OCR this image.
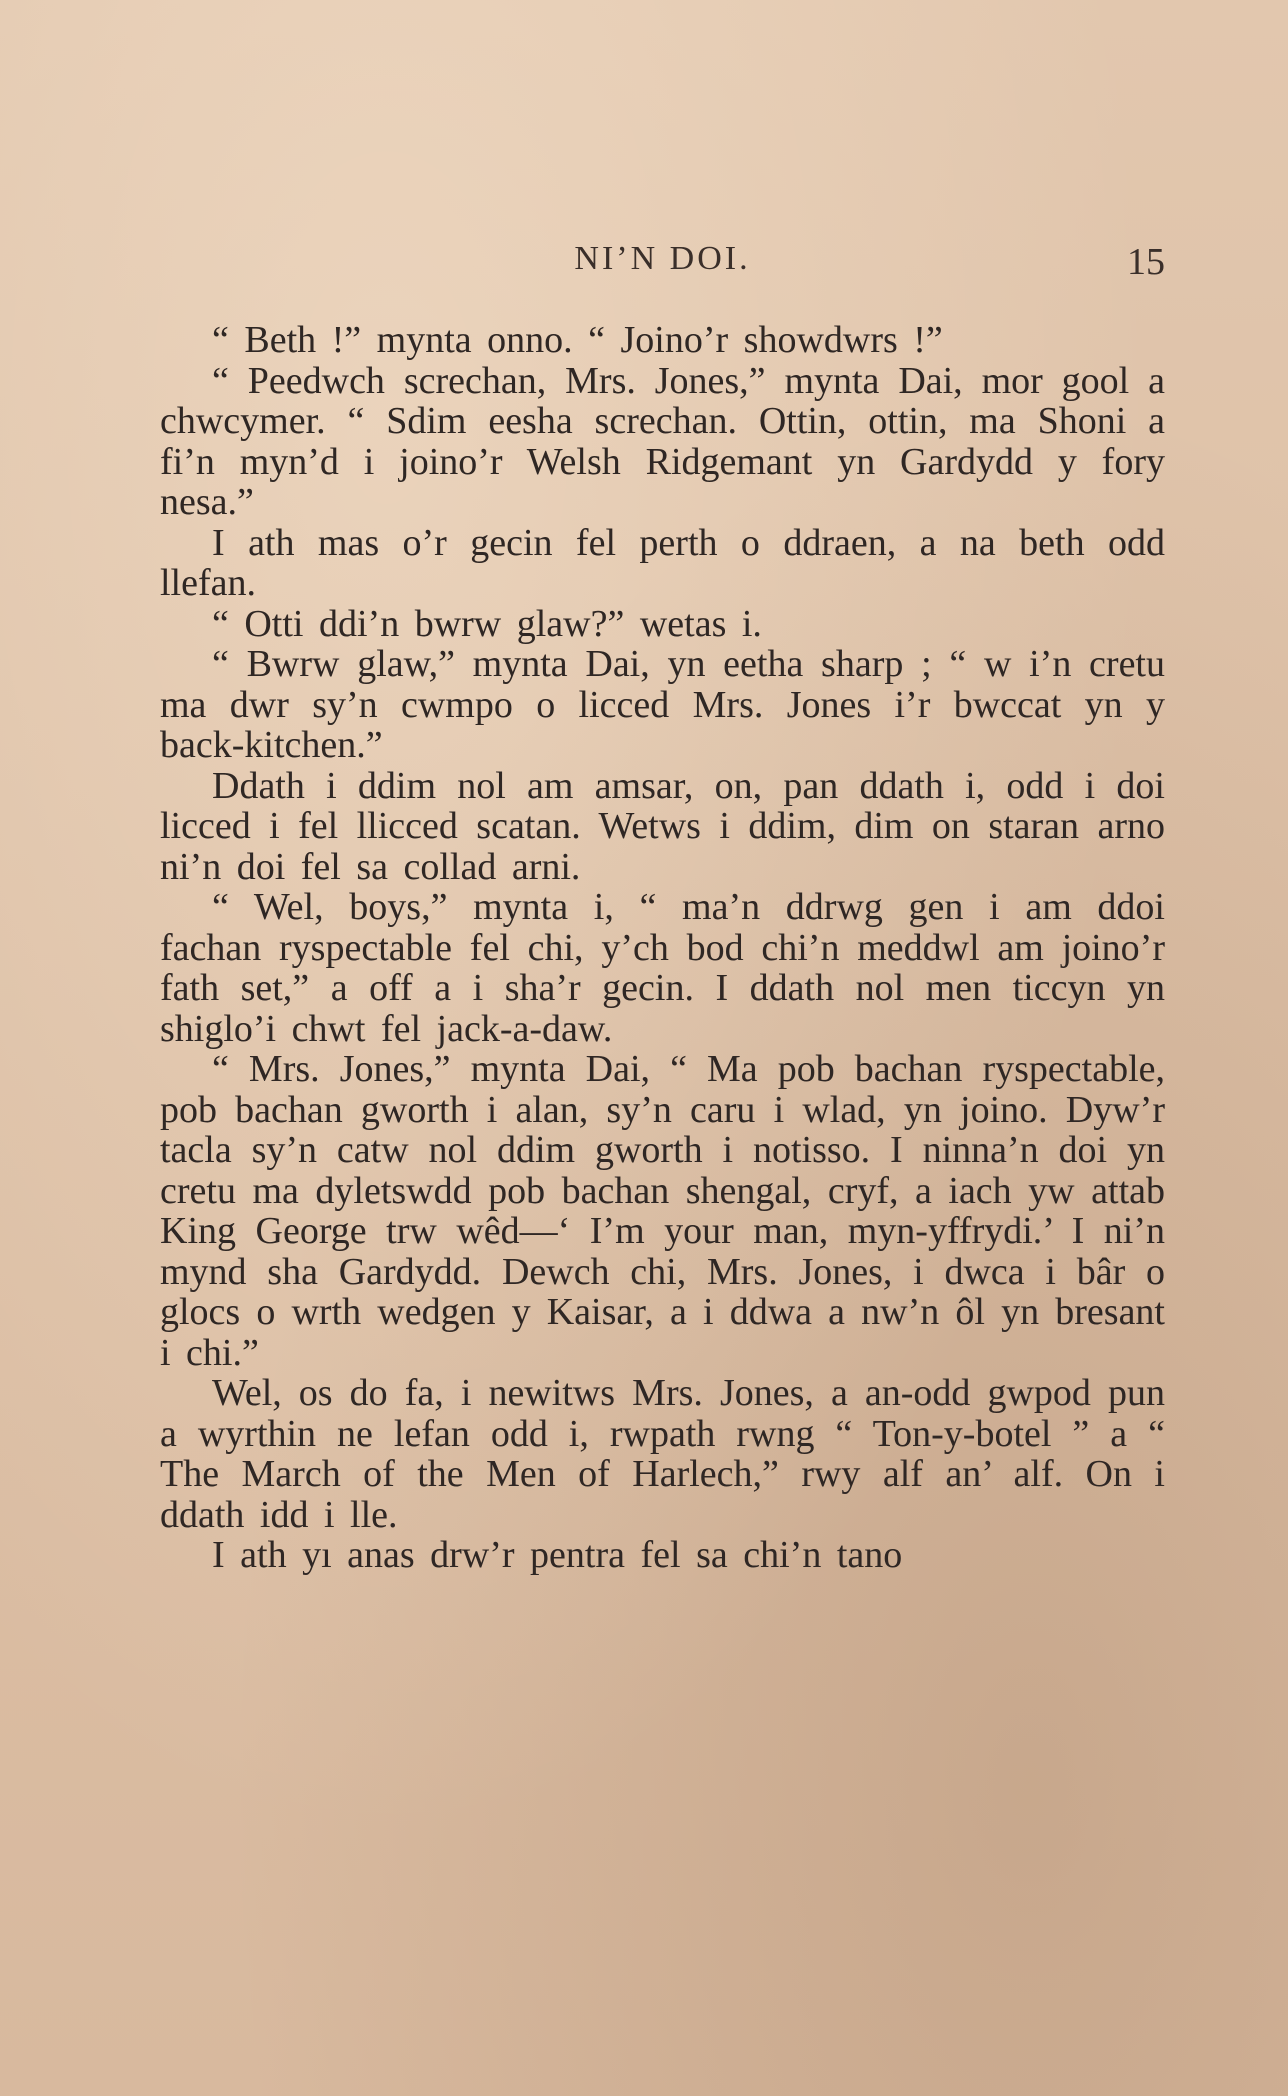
NI’N DOI.	15

“ Beth !” mynta onno. “ Joino’r showdwrs !”

“ Peedwch screchan, Mrs. Jones,” mynta Dai, mor gool a chwcymer. “ Sdim eesha screchan. Ottin, ottin, ma Shoni a fi’n myn’d i joino’r Welsh Ridgemant yn Gardydd y fory nesa.”

I ath mas o’r gecin fel perth o ddraen, a na beth odd llefan.

“ Otti ddi’n bwrw glaw?” wetas i.

“ Bwrw glaw,” mynta Dai, yn eetha sharp ; “ w i’n cretu ma dwr sy’n cwmpo o licced Mrs. Jones i’r bwccat yn y back-kitchen.”

Ddath i ddim nol am amsar, on, pan ddath i, odd i doi licced i fel llicced scatan. Wetws i ddim, dim on staran arno ni’n doi fel sa collad arni.

“ Wel, boys,” mynta i, “ ma’n ddrwg gen i am ddoi fachan ryspectable fel chi, y’ch bod chi’n meddwl am joino’r fath set,” a off a i sha’r gecin. I ddath nol men ticcyn yn shiglo’i chwt fel jack-a-daw.

“ Mrs. Jones,” mynta Dai, “ Ma pob bachan ryspectable, pob bachan gworth i alan, sy’n caru i wlad, yn joino. Dyw’r tacla sy’n catw nol ddim gworth i notisso. I ninna’n doi yn cretu ma dyletswdd pob bachan shengal, cryf, a iach yw attab King George trw wêd—‘ I’m your man, myn-yffrydi.’ I ni’n mynd sha Gardydd. Dewch chi, Mrs. Jones, i dwca i bâr o glocs o wrth wedgen y Kaisar, a i ddwa a nw’n ôl yn bresant i chi.”

Wel, os do fa, i newitws Mrs. Jones, a an-odd gwpod pun a wyrthin ne lefan odd i, rwpath rwng “ Ton-y-botel ” a “ The March of the Men of Harlech,” rwy alf an’ alf. On i ddath idd i lle.

I ath yı anas drw’r pentra fel sa chi’n tano
